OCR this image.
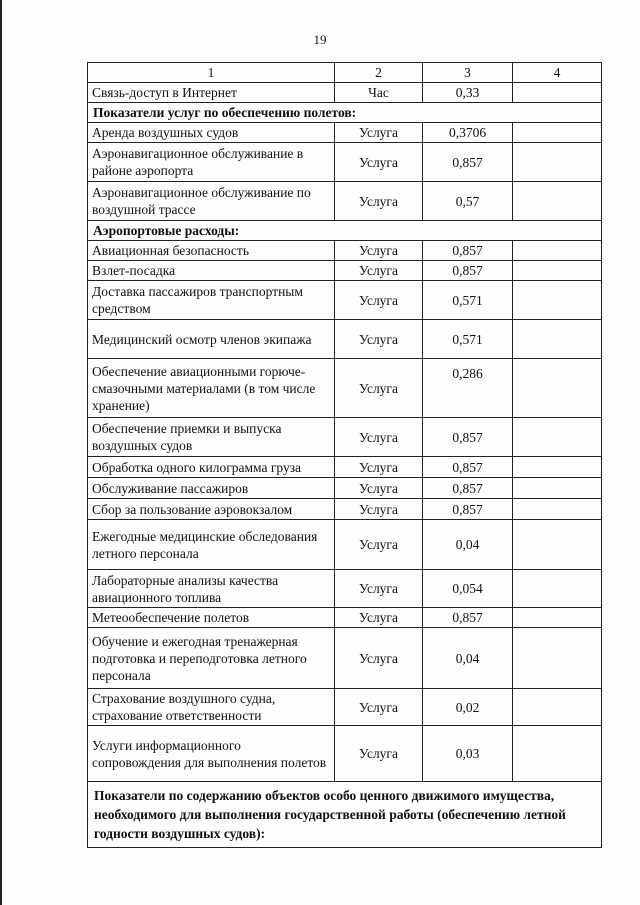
19
1	2	3	4
Связь-доступ в Интернет	Час	0,33	
Показатели услуг по обеспечению полетов:			
Аренда воздушных судов	Услуга	0,3706	
Аэронавигационное обслуживание в районе аэропорта	Услуга	0,857	
Аэронавигационное обслуживание по воздушной трассе	Услуга	0,57	
Аэропортовые расходы:			
Авиационная безопасность	Услуга	0,857	
Взлет-посадка	Услуга	0,857	
Доставка пассажиров транспортным средством	Услуга	0,571	
Медицинский осмотр членов экипажа	Услуга	0,571	
Обеспечение авиационными горюче-смазочными материалами (в том числе хранение)	Услуга	0,286	
Обеспечение приемки и выпуска воздушных судов	Услуга	0,857	
Обработка одного килограмма груза	Услуга	0,857	
Обслуживание пассажиров	Услуга	0,857	
Сбор за пользование аэровокзалом	Услуга	0,857	
Ежегодные медицинские обследования летного персонала	Услуга	0,04	
Лабораторные анализы качества авиационного топлива	Услуга	0,054	
Метеообеспечение полетов	Услуга	0,857	
Обучение и ежегодная тренажерная подготовка и переподготовка летного персонала	Услуга	0,04	
Страхование воздушного судна, страхование ответственности	Услуга	0,02	
Услуги информационного сопровождения для выполнения полетов	Услуга	0,03	
Показатели по содержанию объектов особо ценного движимого имущества, необходимого для выполнения государственной работы (обеспечению летной годности воздушных судов):			
